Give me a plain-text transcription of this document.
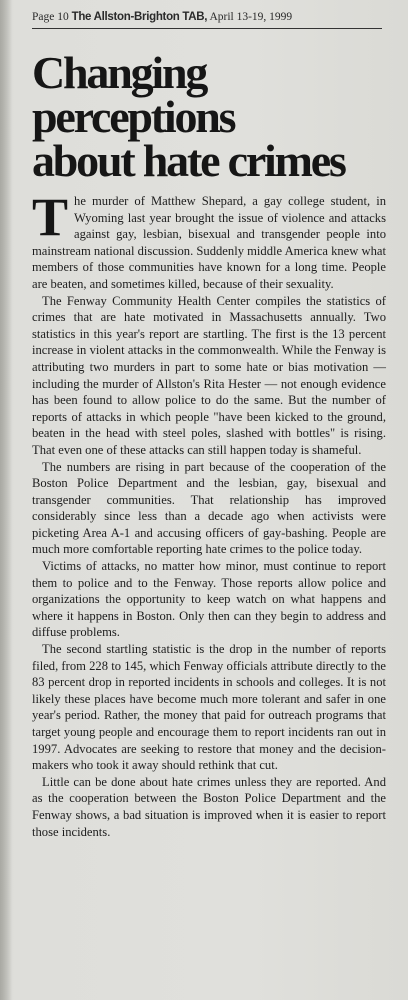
Page 10 The Allston-Brighton TAB, April 13-19, 1999
Changing perceptions
about hate crimes

The murder of Matthew Shepard, a gay college student, in Wyoming last year brought the issue of violence and attacks against gay, lesbian, bisexual and transgender people into mainstream national discussion. Suddenly middle America knew what members of those communities have known for a long time. People are beaten, and sometimes killed, because of their sexuality.

The Fenway Community Health Center compiles the statistics of crimes that are hate motivated in Massachusetts annually. Two statistics in this year's report are startling. The first is the 13 percent increase in violent attacks in the commonwealth. While the Fenway is attributing two murders in part to some hate or bias motivation — including the murder of Allston's Rita Hester — not enough evidence has been found to allow police to do the same. But the number of reports of attacks in which people "have been kicked to the ground, beaten in the head with steel poles, slashed with bottles" is rising. That even one of these attacks can still happen today is shameful.

The numbers are rising in part because of the cooperation of the Boston Police Department and the lesbian, gay, bisexual and transgender communities. That relationship has improved considerably since less than a decade ago when activists were picketing Area A-1 and accusing officers of gay-bashing. People are much more comfortable reporting hate crimes to the police today.

Victims of attacks, no matter how minor, must continue to report them to police and to the Fenway. Those reports allow police and organizations the opportunity to keep watch on what happens and where it happens in Boston. Only then can they begin to address and diffuse problems.

The second startling statistic is the drop in the number of reports filed, from 228 to 145, which Fenway officials attribute directly to the 83 percent drop in reported incidents in schools and colleges. It is not likely these places have become much more tolerant and safer in one year's period. Rather, the money that paid for outreach programs that target young people and encourage them to report incidents ran out in 1997. Advocates are seeking to restore that money and the decision-makers who took it away should rethink that cut.

Little can be done about hate crimes unless they are reported. And as the cooperation between the Boston Police Department and the Fenway shows, a bad situation is improved when it is easier to report those incidents.
